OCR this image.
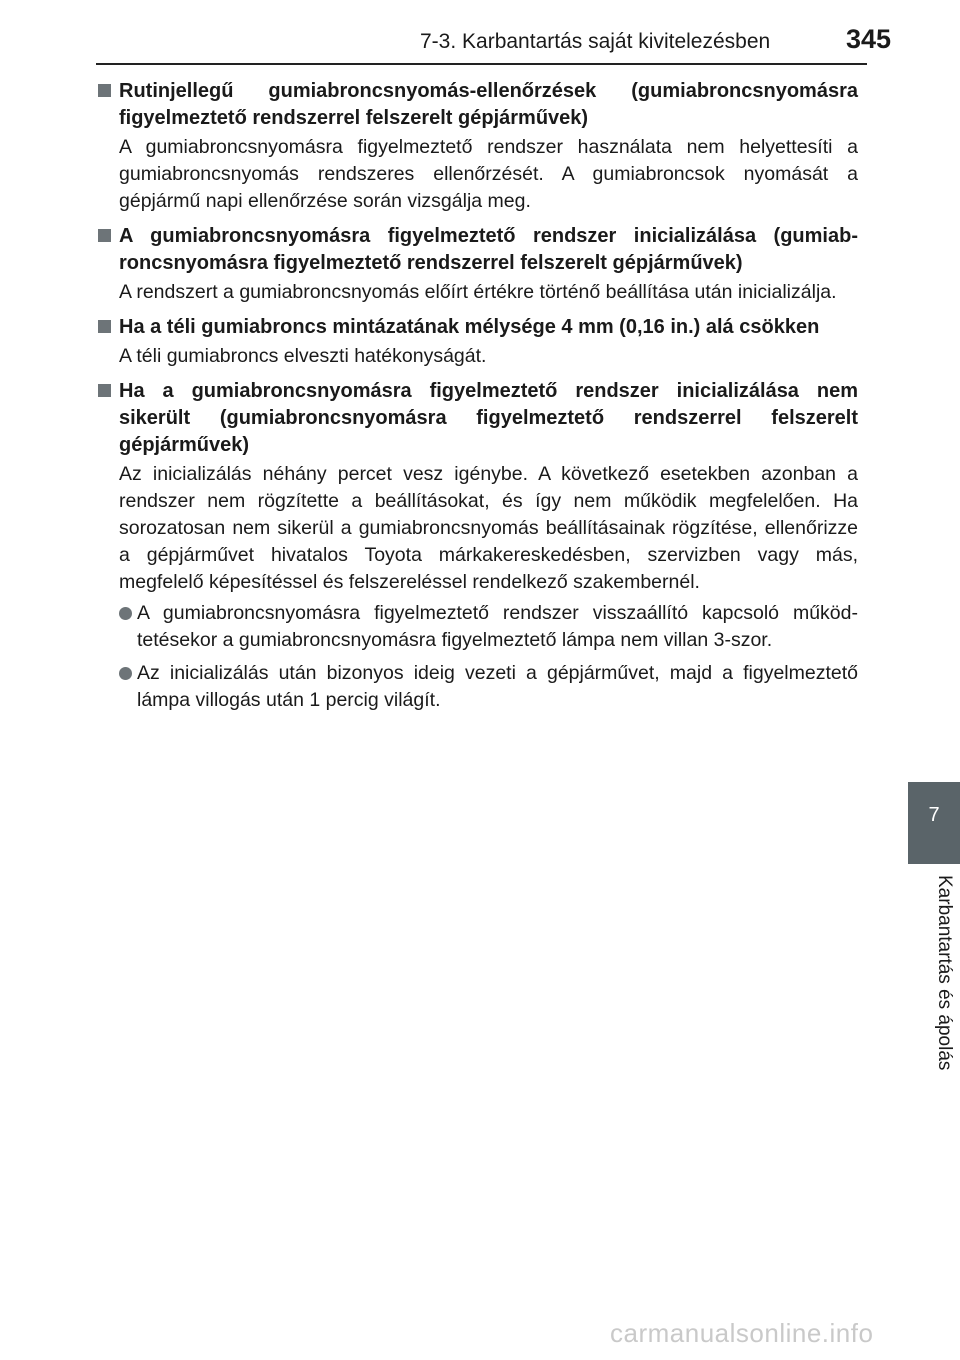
7-3. Karbantartás saját kivitelezésben	345
Rutinjellegű gumiabroncsnyomás-ellenőrzések (gumiabroncsnyomásra figyelmeztető rendszerrel felszerelt gépjárművek)
A gumiabroncsnyomásra figyelmeztető rendszer használata nem helyettesíti a gumiabroncsnyomás rendszeres ellenőrzését. A gumiabroncsok nyomását a gépjármű napi ellenőrzése során vizsgálja meg.
A gumiabroncsnyomásra figyelmeztető rendszer inicializálása (gumiabroncsnyomásra figyelmeztető rendszerrel felszerelt gépjárművek)
A rendszert a gumiabroncsnyomás előírt értékre történő beállítása után inicializálja.
Ha a téli gumiabroncs mintázatának mélysége 4 mm (0,16 in.) alá csökken
A téli gumiabroncs elveszti hatékonyságát.
Ha a gumiabroncsnyomásra figyelmeztető rendszer inicializálása nem sikerült (gumiabroncsnyomásra figyelmeztető rendszerrel felszerelt gépjárművek)
Az inicializálás néhány percet vesz igénybe. A következő esetekben azonban a rendszer nem rögzítette a beállításokat, és így nem működik megfelelően. Ha sorozatosan nem sikerül a gumiabroncsnyomás beállításainak rögzítése, ellenőrizze a gépjárművet hivatalos Toyota márkakereskedésben, szervizben vagy más, megfelelő képesítéssel és felszereléssel rendelkező szakembernél.
A gumiabroncsnyomásra figyelmeztető rendszer visszaállító kapcsoló működtetésekor a gumiabroncsnyomásra figyelmeztető lámpa nem villan 3-szor.
Az inicializálás után bizonyos ideig vezeti a gépjárművet, majd a figyelmeztető lámpa villogás után 1 percig világít.
7
Karbantartás és ápolás
carmanualsonline.info
